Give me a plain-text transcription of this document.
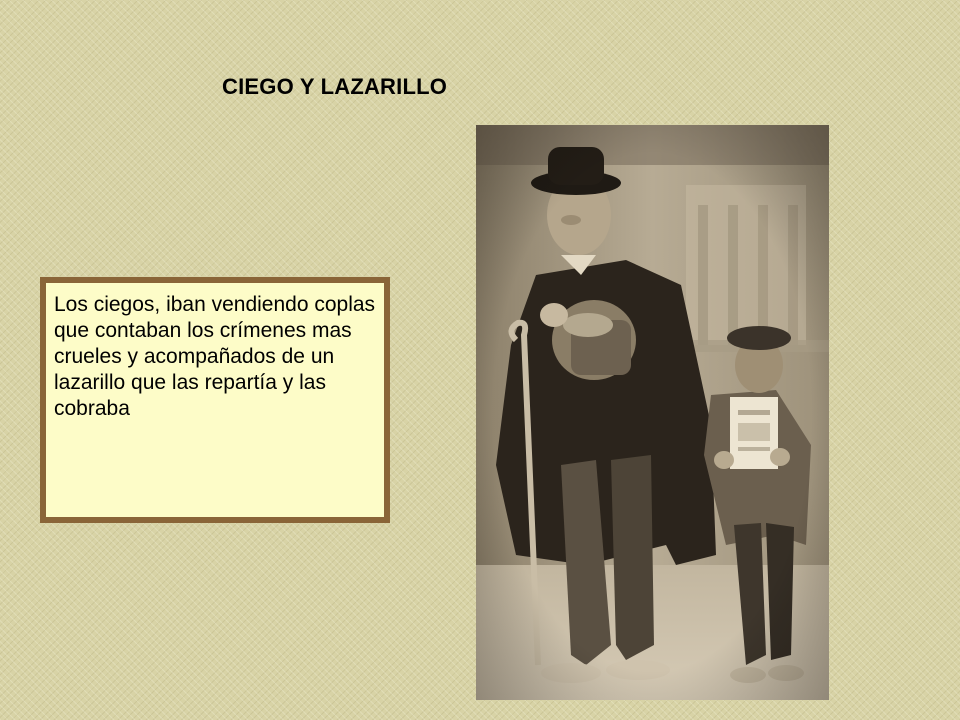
CIEGO Y LAZARILLO

Los ciegos, iban vendiendo coplas que contaban los crímenes mas crueles y acompañados de un lazarillo que las repartía y las cobraba
